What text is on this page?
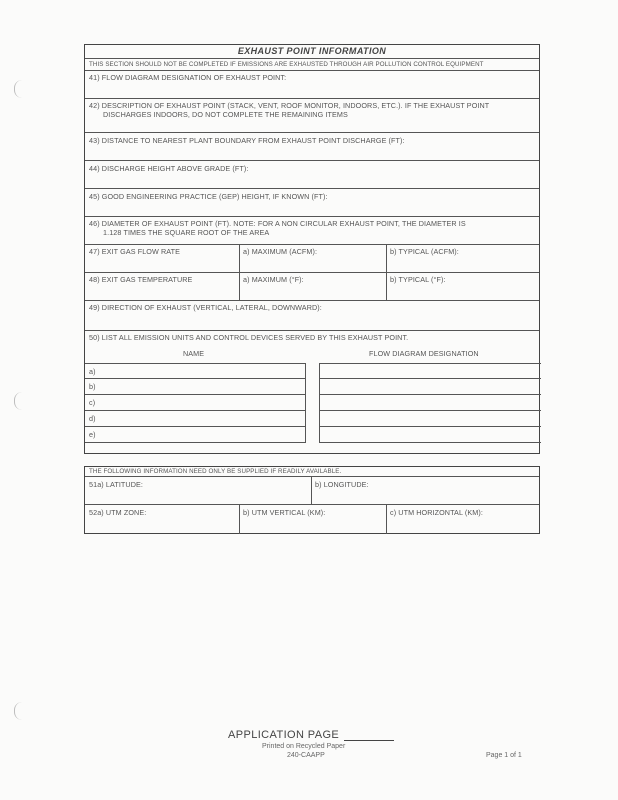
EXHAUST POINT INFORMATION
THIS SECTION SHOULD NOT BE COMPLETED IF EMISSIONS ARE EXHAUSTED THROUGH AIR POLLUTION CONTROL EQUIPMENT
41) FLOW DIAGRAM DESIGNATION OF EXHAUST POINT:
42) DESCRIPTION OF EXHAUST POINT (STACK, VENT, ROOF MONITOR, INDOORS, ETC.). IF THE EXHAUST POINT
DISCHARGES INDOORS, DO NOT COMPLETE THE REMAINING ITEMS
43) DISTANCE TO NEAREST PLANT BOUNDARY FROM EXHAUST POINT DISCHARGE (FT):
44) DISCHARGE HEIGHT ABOVE GRADE (FT):
45) GOOD ENGINEERING PRACTICE (GEP) HEIGHT, IF KNOWN (FT):
46) DIAMETER OF EXHAUST POINT (FT). NOTE: FOR A NON CIRCULAR EXHAUST POINT, THE DIAMETER IS
1.128 TIMES THE SQUARE ROOT OF THE AREA
47) EXIT GAS FLOW RATE	a) MAXIMUM (ACFM):	b) TYPICAL (ACFM):
48) EXIT GAS TEMPERATURE	a) MAXIMUM (°F):	b) TYPICAL (°F):
49) DIRECTION OF EXHAUST (VERTICAL, LATERAL, DOWNWARD):
50) LIST ALL EMISSION UNITS AND CONTROL DEVICES SERVED BY THIS EXHAUST POINT.
NAME	FLOW DIAGRAM DESIGNATION
a)
b)
c)
d)
e)
THE FOLLOWING INFORMATION NEED ONLY BE SUPPLIED IF READILY AVAILABLE.
51a) LATITUDE:	b) LONGITUDE:
52a) UTM ZONE:	b) UTM VERTICAL (KM):	c) UTM HORIZONTAL (KM):
APPLICATION PAGE
Printed on Recycled Paper
240-CAAPP	Page 1 of 1
